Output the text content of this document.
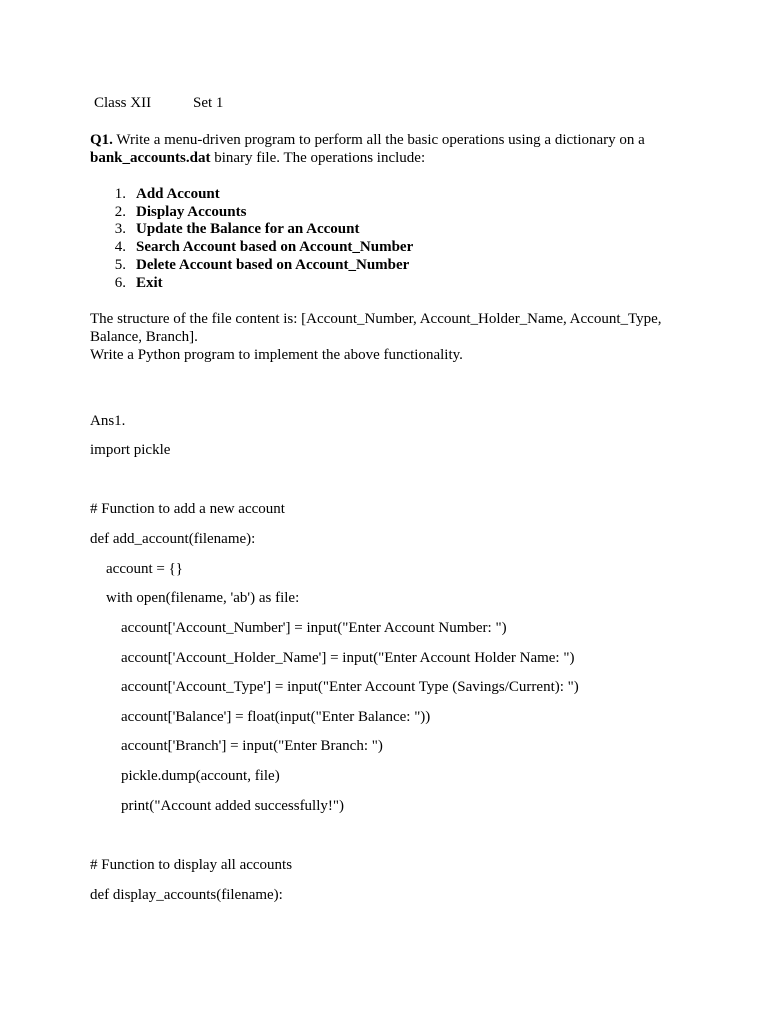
Class XII	Set 1
Q1. Write a menu-driven program to perform all the basic operations using a dictionary on a
bank_accounts.dat binary file. The operations include:
1. Add Account
2. Display Accounts
3. Update the Balance for an Account
4. Search Account based on Account_Number
5. Delete Account based on Account_Number
6. Exit
The structure of the file content is: [Account_Number, Account_Holder_Name, Account_Type,
Balance, Branch].
Write a Python program to implement the above functionality.
Ans1.
import pickle
# Function to add a new account
def add_account(filename):
account = {}
with open(filename, 'ab') as file:
account['Account_Number'] = input("Enter Account Number: ")
account['Account_Holder_Name'] = input("Enter Account Holder Name: ")
account['Account_Type'] = input("Enter Account Type (Savings/Current): ")
account['Balance'] = float(input("Enter Balance: "))
account['Branch'] = input("Enter Branch: ")
pickle.dump(account, file)
print("Account added successfully!")
# Function to display all accounts
def display_accounts(filename):
